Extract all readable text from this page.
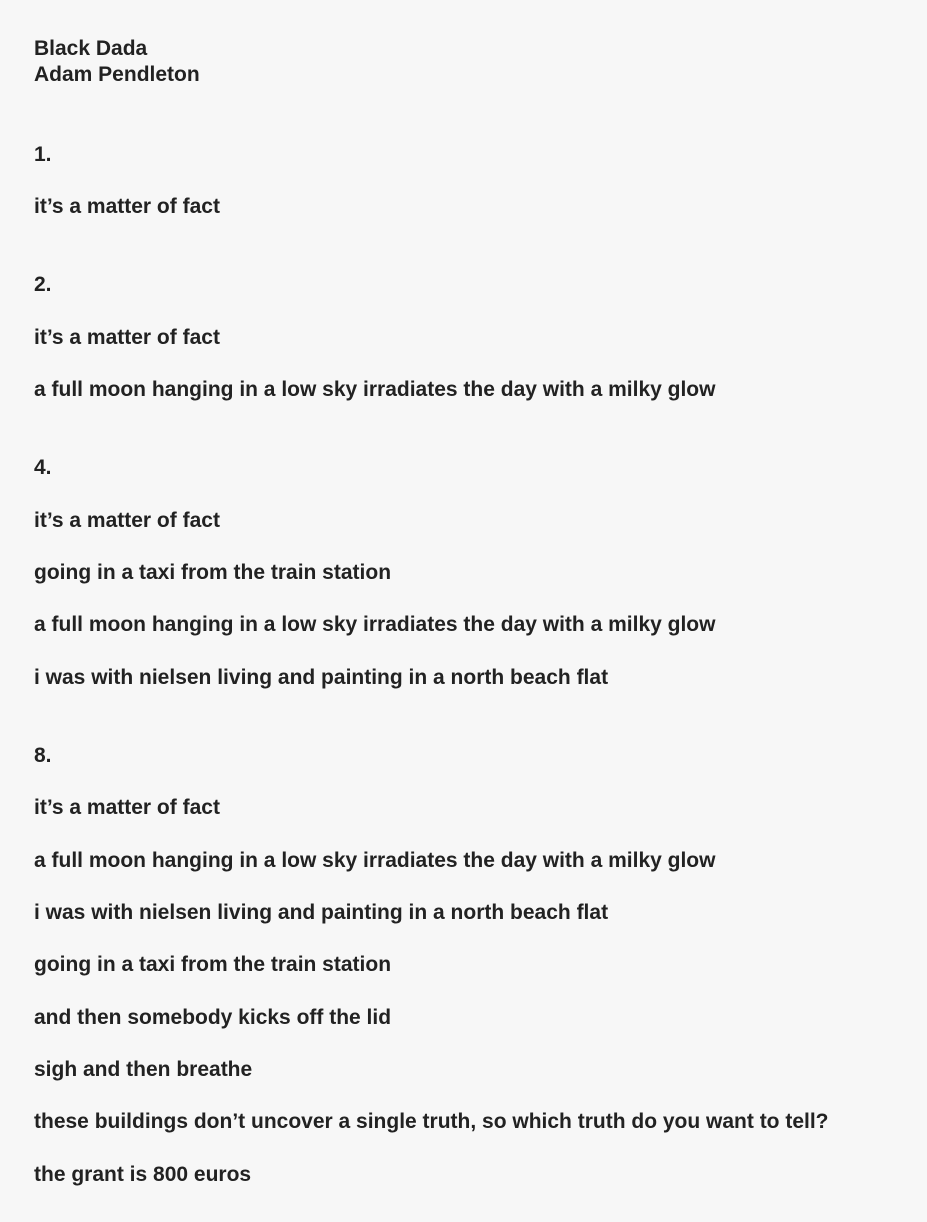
Black Dada
Adam Pendleton
1.
it’s a matter of fact
2.
it’s a matter of fact
a full moon hanging in a low sky irradiates the day with a milky glow
4.
it’s a matter of fact
going in a taxi from the train station
a full moon hanging in a low sky irradiates the day with a milky glow
i was with nielsen living and painting in a north beach flat
8.
it’s a matter of fact
a full moon hanging in a low sky irradiates the day with a milky glow
i was with nielsen living and painting in a north beach flat
going in a taxi from the train station
and then somebody kicks off the lid
sigh and then breathe
these buildings don’t uncover a single truth, so which truth do you want to tell?
the grant is 800 euros
